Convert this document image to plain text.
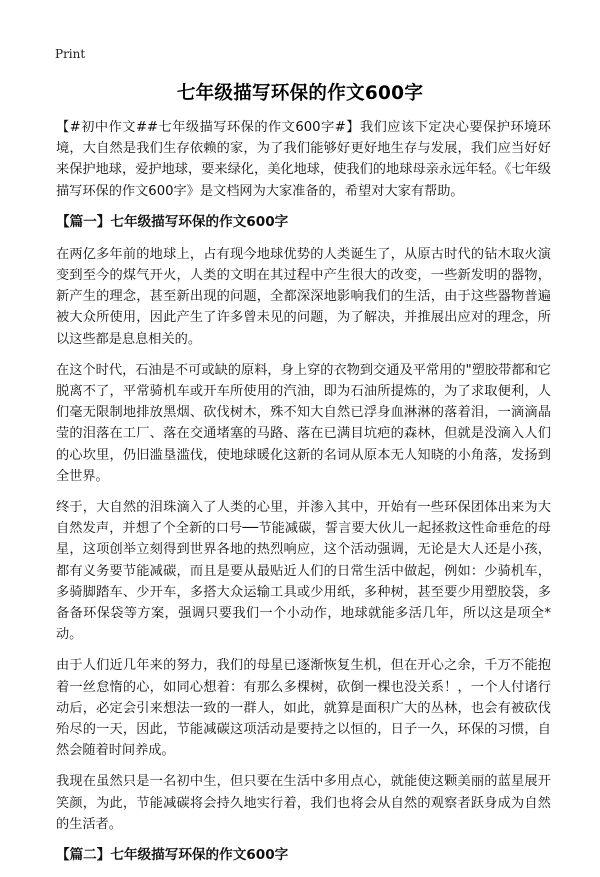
Print
七年级描写环保的作文600字

【#初中作文##七年级描写环保的作文600字#】我们应该下定决心要保护环境环境，大自然是我们生存依赖的家，为了我们能够好更好地生存与发展，我们应当好好来保护地球，爱护地球，要来绿化，美化地球，使我们的地球母亲永远年轻。《七年级描写环保的作文600字》是文档网为大家准备的，希望对大家有帮助。

【篇一】七年级描写环保的作文600字

在两亿多年前的地球上，占有现今地球优势的人类诞生了，从原古时代的钻木取火演变到至今的煤气开火，人类的文明在其过程中产生很大的改变，一些新发明的器物，新产生的理念，甚至新出现的问题，全都深深地影响我们的生活，由于这些器物普遍被大众所使用，因此产生了许多曾未见的问题，为了解决，并推展出应对的理念，所以这些都是息息相关的。

在这个时代，石油是不可或缺的原料，身上穿的衣物到交通及平常用的"塑胶带都和它脱离不了，平常骑机车或开车所使用的汽油，即为石油所提炼的，为了求取便利，人们毫无限制地排放黑烟、砍伐树木，殊不知大自然已浮身血淋淋的落着泪，一滴滴晶莹的泪落在工厂、落在交通堵塞的马路、落在已满目坑疤的森林，但就是没滴入人们的心坎里，仍旧滥垦滥伐，使地球暖化这新的名词从原本无人知晓的小角落，发扬到全世界。

终于，大自然的泪珠滴入了人类的心里，并渗入其中，开始有一些环保团体出来为大自然发声，并想了个全新的口号──节能减碳，誓言要大伙儿一起拯救这性命垂危的母星，这项创举立刻得到世界各地的热烈响应，这个活动强调，无论是大人还是小孩，都有义务要节能减碳，而且是要从最贴近人们的日常生活中做起，例如：少骑机车，多骑脚踏车、少开车，多搭大众运输工具或少用纸，多种树，甚至要少用塑胶袋，多备备环保袋等方案，强调只要我们一个小动作，地球就能多活几年，所以这是项全*动。

由于人们近几年来的努力，我们的母星已逐渐恢复生机，但在开心之余，千万不能抱着一丝怠惰的心，如同心想着：有那么多棵树，砍倒一棵也没关系！，一个人付诸行动后，必定会引来想法一致的一群人，如此，就算是面积广大的丛林，也会有被砍伐殆尽的一天，因此，节能减碳这项活动是要持之以恒的，日子一久，环保的习惯，自然会随着时间养成。

我现在虽然只是一名初中生，但只要在生活中多用点心，就能使这颗美丽的蓝星展开笑颜，为此，节能减碳将会持久地实行着，我们也将会从自然的观察者跃身成为自然的生活者。

【篇二】七年级描写环保的作文600字
